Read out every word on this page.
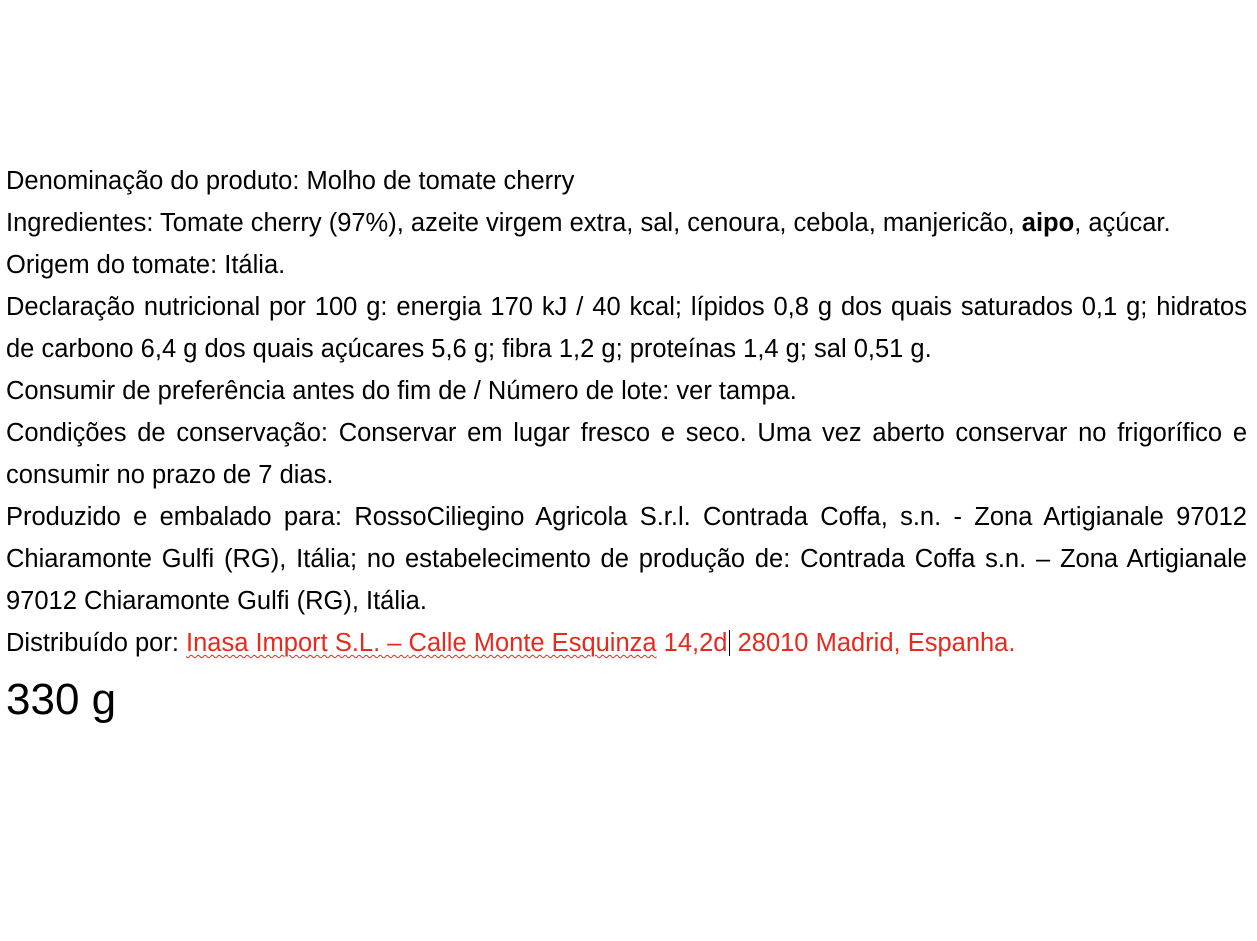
Denominação do produto: Molho de tomate cherry

Ingredientes: Tomate cherry (97%), azeite virgem extra, sal, cenoura, cebola, manjericão, aipo, açúcar.

Origem do tomate: Itália.

Declaração nutricional por 100 g: energia 170 kJ / 40 kcal; lípidos 0,8 g dos quais saturados 0,1 g; hidratos de carbono 6,4 g dos quais açúcares 5,6 g; fibra 1,2 g; proteínas 1,4 g; sal 0,51 g.

Consumir de preferência antes do fim de / Número de lote: ver tampa.

Condições de conservação: Conservar em lugar fresco e seco. Uma vez aberto conservar no frigorífico e consumir no prazo de 7 dias.

Produzido e embalado para: RossoCiliegino Agricola S.r.l. Contrada Coffa, s.n. - Zona Artigianale 97012 Chiaramonte Gulfi (RG), Itália; no estabelecimento de produção de: Contrada Coffa s.n. – Zona Artigianale 97012 Chiaramonte Gulfi (RG), Itália.

Distribuído por: Inasa Import S.L. – Calle Monte Esquinza 14,2d 28010 Madrid, Espanha.

330 g
